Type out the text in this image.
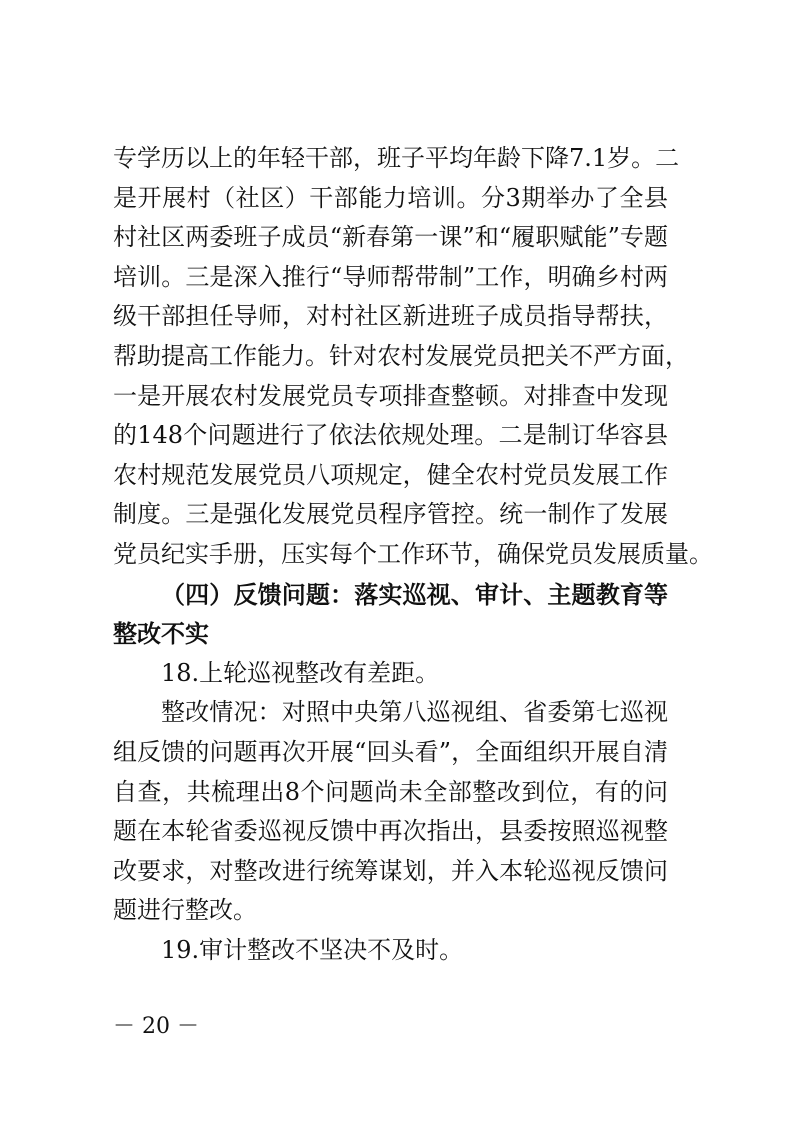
专学历以上的年轻干部，班子平均年龄下降7.1岁。二
是开展村（社区）干部能力培训。分3期举办了全县
村社区两委班子成员“新春第一课”和“履职赋能”专题
培训。三是深入推行“导师帮带制”工作，明确乡村两
级干部担任导师，对村社区新进班子成员指导帮扶，
帮助提高工作能力。针对农村发展党员把关不严方面，
一是开展农村发展党员专项排查整顿。对排查中发现
的148个问题进行了依法依规处理。二是制订华容县
农村规范发展党员八项规定，健全农村党员发展工作
制度。三是强化发展党员程序管控。统一制作了发展
党员纪实手册，压实每个工作环节，确保党员发展质量。
（四）反馈问题：落实巡视、审计、主题教育等
整改不实
18.上轮巡视整改有差距。
整改情况：对照中央第八巡视组、省委第七巡视
组反馈的问题再次开展“回头看”，全面组织开展自清
自查，共梳理出8个问题尚未全部整改到位，有的问
题在本轮省委巡视反馈中再次指出，县委按照巡视整
改要求，对整改进行统筹谋划，并入本轮巡视反馈问
题进行整改。
19.审计整改不坚决不及时。
－ 20 －
